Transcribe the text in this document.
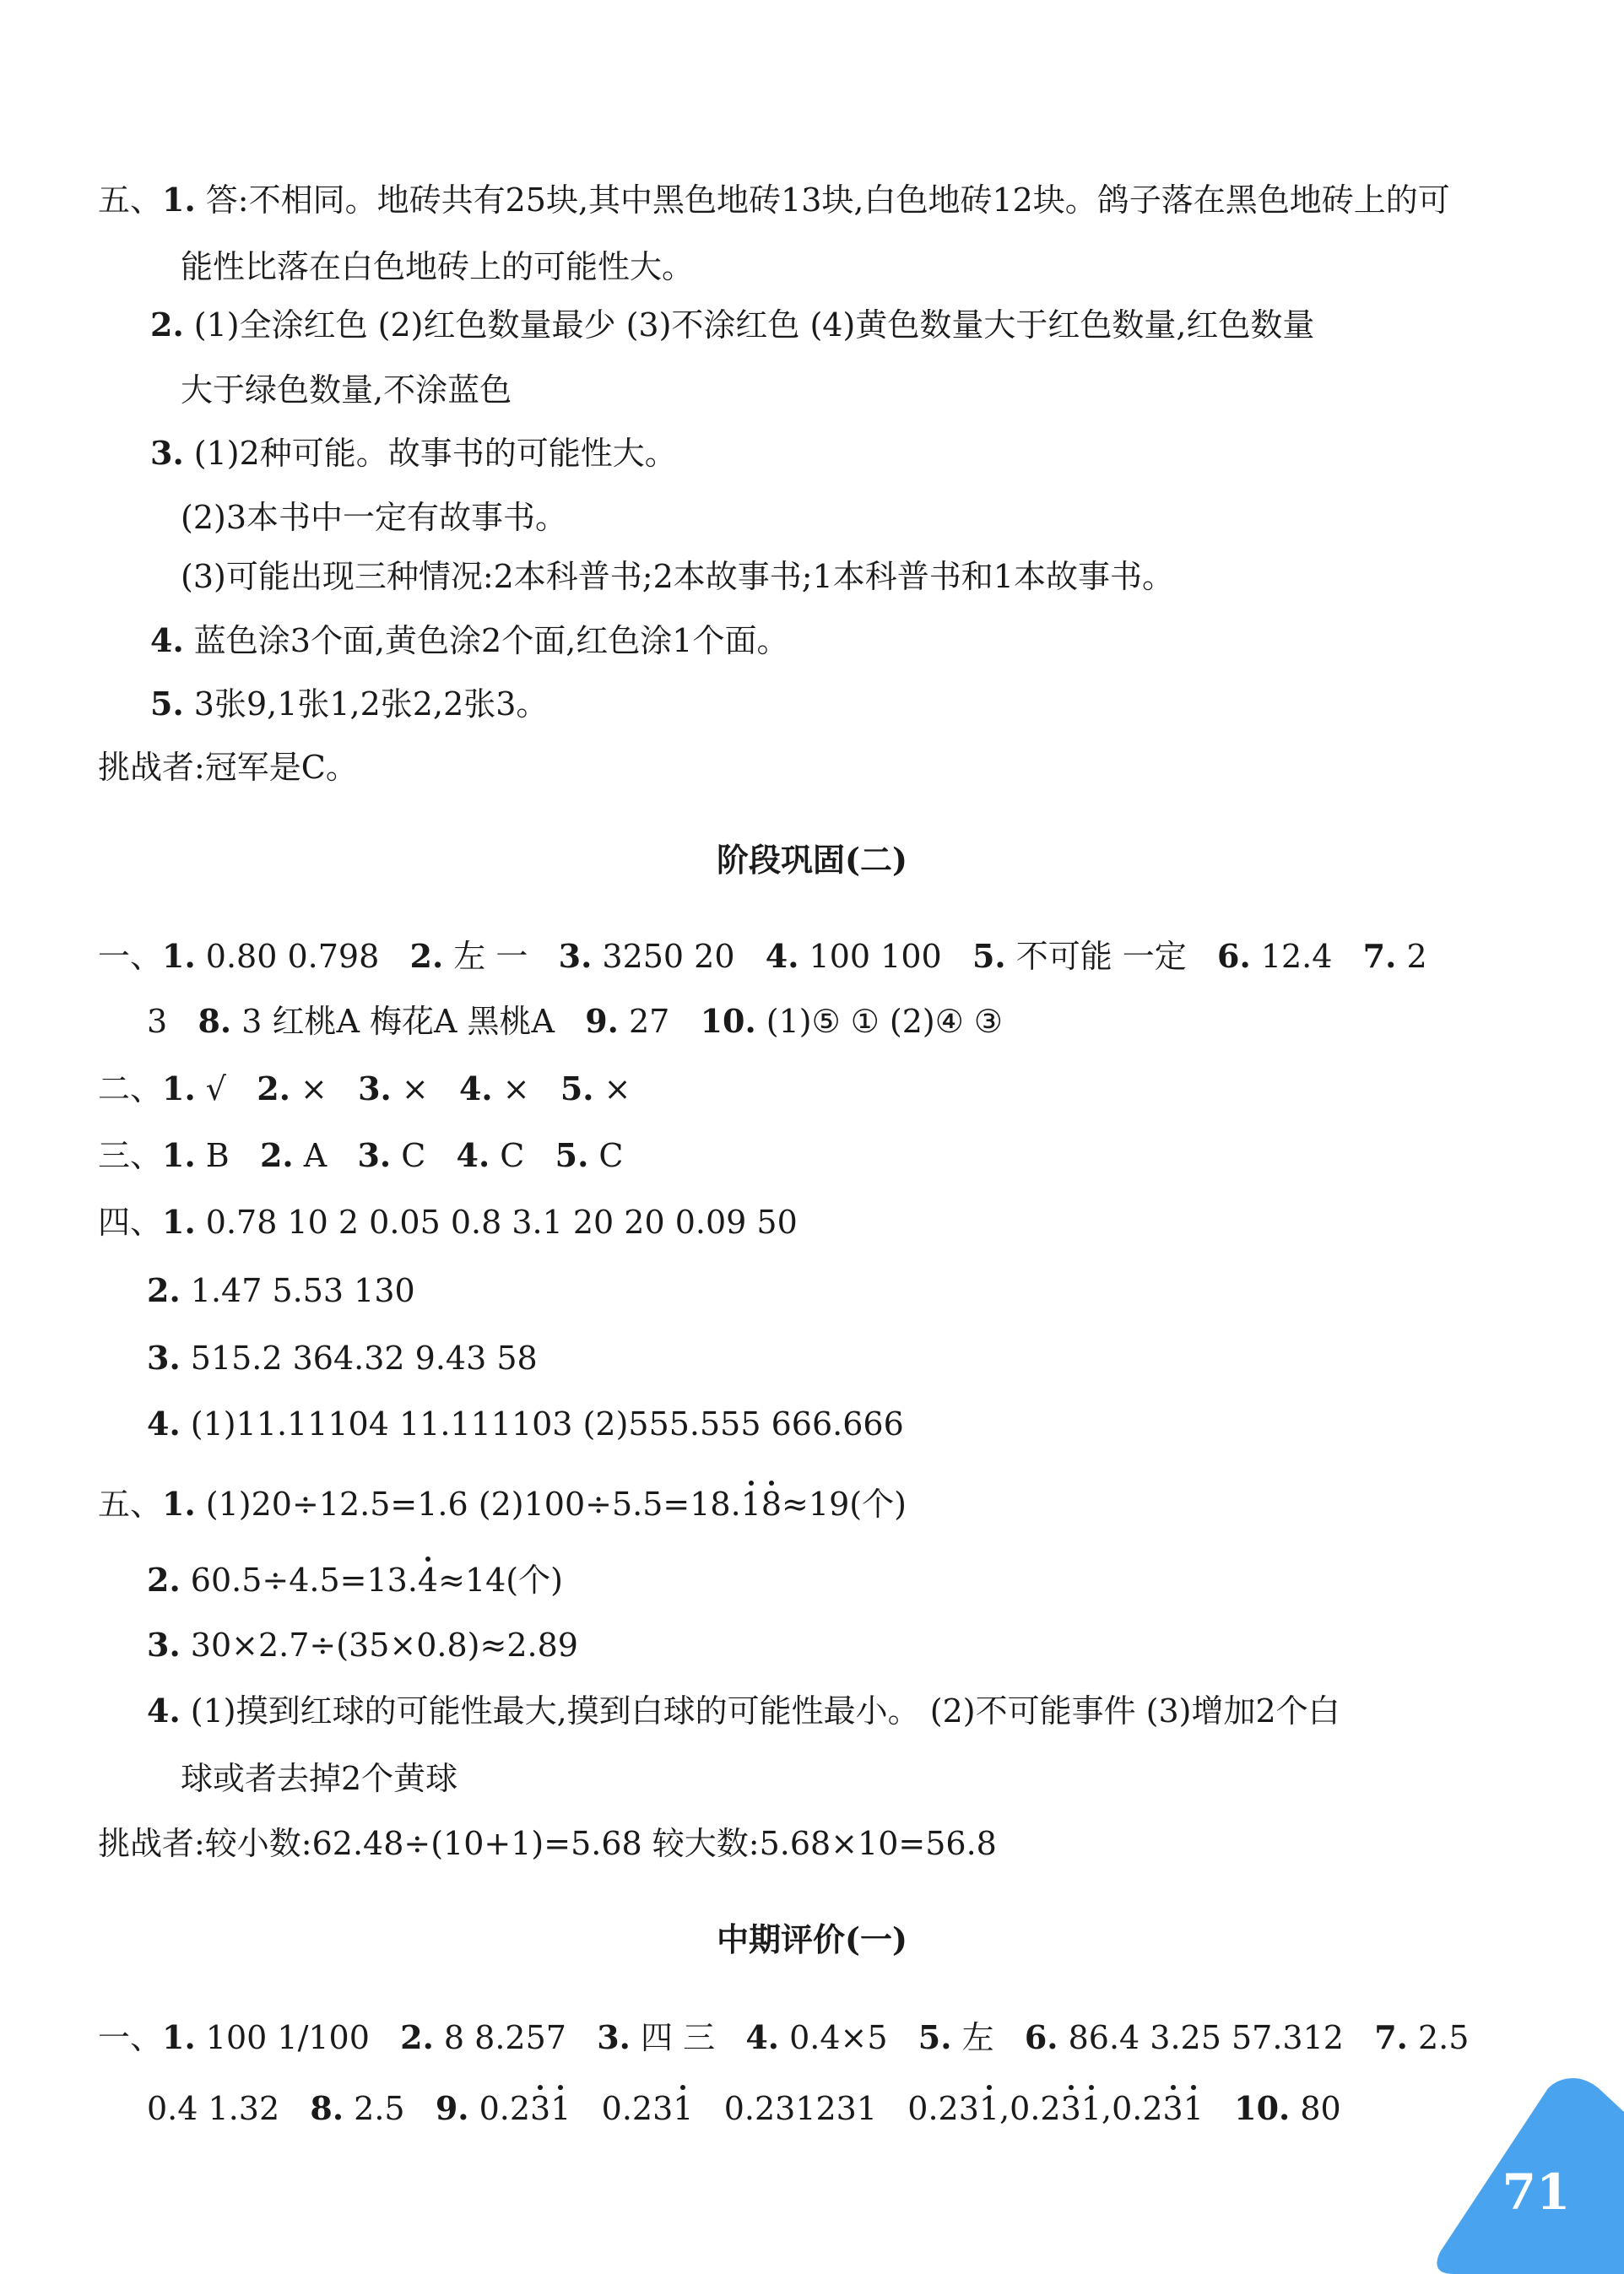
五、1. 答:不相同。地砖共有25块,其中黑色地砖13块,白色地砖12块。鸽子落在黑色地砖上的可
能性比落在白色地砖上的可能性大。
2. (1)全涂红色 (2)红色数量最少 (3)不涂红色 (4)黄色数量大于红色数量,红色数量
大于绿色数量,不涂蓝色
3. (1)2种可能。故事书的可能性大。
(2)3本书中一定有故事书。
(3)可能出现三种情况:2本科普书;2本故事书;1本科普书和1本故事书。
4. 蓝色涂3个面,黄色涂2个面,红色涂1个面。
5. 3张9,1张1,2张2,2张3。
挑战者:冠军是C。
阶段巩固(二)
一、1. 0.80 0.798 2. 左 一 3. 3250 20 4. 100 100 5. 不可能 一定 6. 12.4 7. 2
3 8. 3 红桃A 梅花A 黑桃A 9. 27 10. (1)⑤ ① (2)④ ③
二、1. √ 2. × 3. × 4. × 5. ×
三、1. B 2. A 3. C 4. C 5. C
四、1. 0.78 10 2 0.05 0.8 3.1 20 20 0.09 50
2. 1.47 5.53 130
3. 515.2 364.32 9.43 58
4. (1)11.11104 11.111103 (2)555.555 666.666
五、1. (1)20÷12.5=1.6 (2)100÷5.5=18.18≈19(个)
2. 60.5÷4.5=13.4≈14(个)
3. 30×2.7÷(35×0.8)≈2.89
4. (1)摸到红球的可能性最大,摸到白球的可能性最小。 (2)不可能事件 (3)增加2个白
球或者去掉2个黄球
挑战者:较小数:62.48÷(10+1)=5.68 较大数:5.68×10=56.8
中期评价(一)
一、1. 100 1/100 2. 8 8.257 3. 四 三 4. 0.4×5 5. 左 6. 86.4 3.25 57.312 7. 2.5
0.4 1.32 8. 2.5 9. 0.231 0.231 0.231231 0.231,0.231,0.231 10. 80
71
